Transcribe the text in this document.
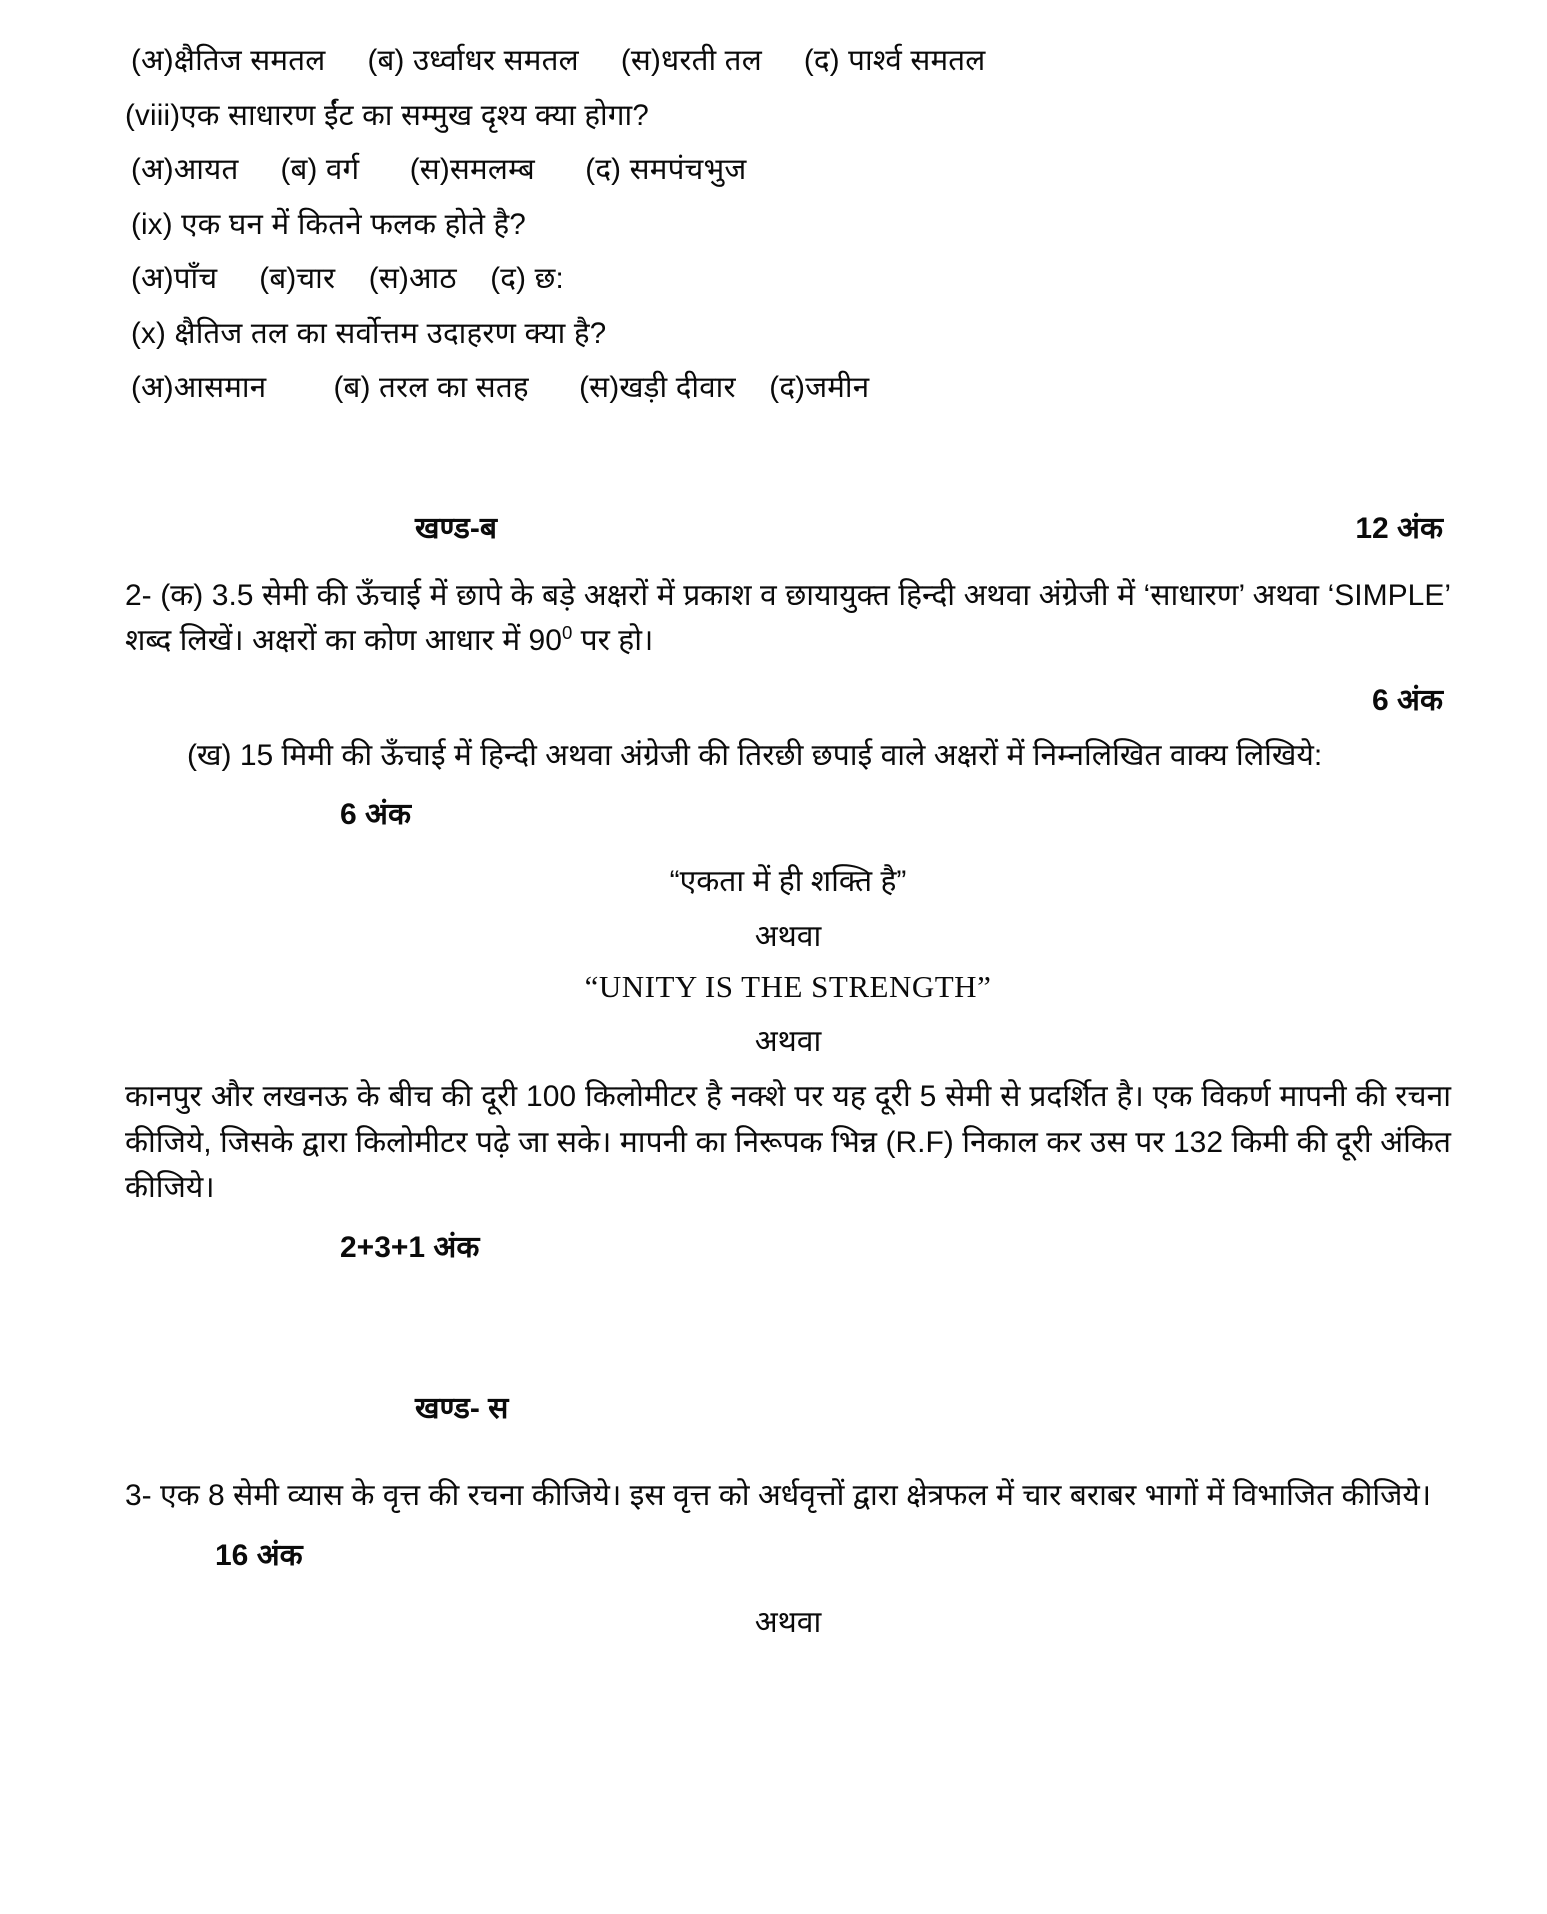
(अ)क्षैतिज समतल     (ब) उर्ध्वाधर समतल     (स)धरती तल     (द) पार्श्व समतल
(viii)एक साधारण ईंट का सम्मुख दृश्य क्या होगा?
(अ)आयत     (ब) वर्ग      (स)समलम्ब      (द) समपंचभुज
(ix) एक घन में कितने फलक होते है?
(अ)पाँच     (ब)चार    (स)आठ    (द) छ:
(x) क्षैतिज तल का सर्वोत्तम उदाहरण क्या है?
(अ)आसमान        (ब) तरल का सतह      (स)खड़ी दीवार    (द)जमीन
खण्ड-ब	12 अंक

2- (क) 3.5 सेमी की ऊँचाई में छापे के बड़े अक्षरों में प्रकाश व छायायुक्त हिन्दी अथवा अंग्रेजी में ‘साधारण’ अथवा ‘SIMPLE’ शब्द लिखें। अक्षरों का कोण आधार में $90^0$ पर हो।

6 अंक

(ख) 15 मिमी की ऊँचाई में हिन्दी अथवा अंग्रेजी की तिरछी छपाई वाले अक्षरों में निम्नलिखित वाक्य लिखिये:

6 अंक
“एकता में ही शक्ति है”
अथवा
“UNITY IS THE STRENGTH”
अथवा

कानपुर और लखनऊ के बीच की दूरी 100 किलोमीटर है नक्शे पर यह दूरी 5 सेमी से प्रदर्शित है। एक विकर्ण मापनी की रचना कीजिये, जिसके द्वारा किलोमीटर पढ़े जा सके। मापनी का निरूपक भिन्न (R.F) निकाल कर उस पर 132 किमी की दूरी अंकित कीजिये।

2+3+1 अंक
खण्ड- स

3- एक 8 सेमी व्यास के वृत्त की रचना कीजिये। इस वृत्त को अर्धवृत्तों द्वारा क्षेत्रफल में चार बराबर भागों में विभाजित कीजिये।

16 अंक
अथवा
